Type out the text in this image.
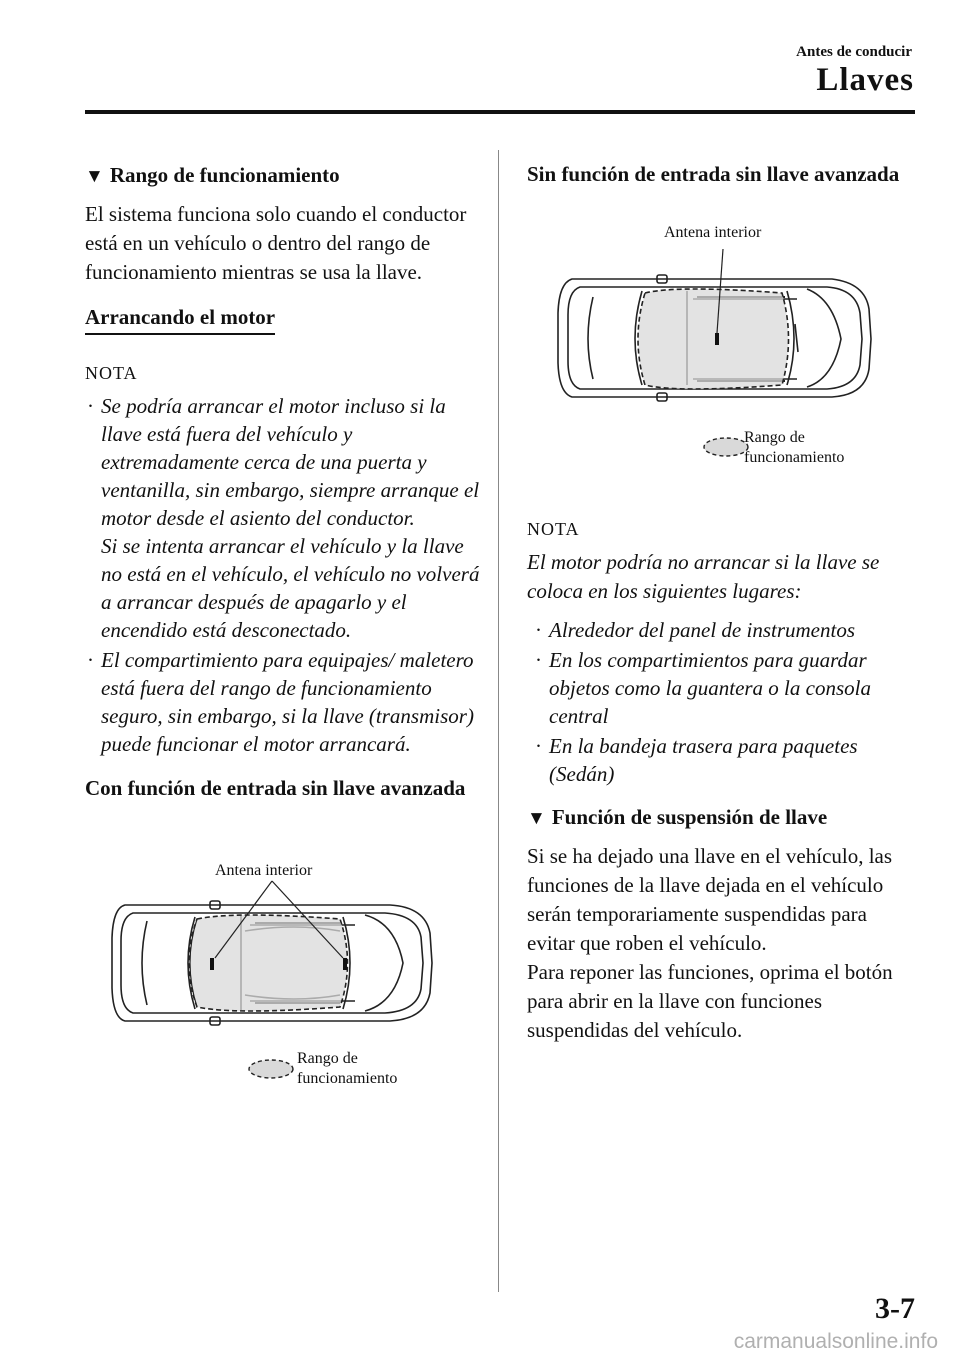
Antes de conducir
Llaves
▼ Rango de funcionamiento

El sistema funciona solo cuando el conductor está en un vehículo o dentro del rango de funcionamiento mientras se usa la llave.

Arrancando el motor
NOTA
· Se podría arrancar el motor incluso si la llave está fuera del vehículo y extremadamente cerca de una puerta y ventanilla, sin embargo, siempre arranque el motor desde el asiento del conductor.

Si se intenta arrancar el vehículo y la llave no está en el vehículo, el vehículo no volverá a arrancar después de apagarlo y el encendido está desconectado.

· El compartimiento para equipajes/ maletero está fuera del rango de funcionamiento seguro, sin embargo, si la llave (transmisor) puede funcionar el motor arrancará.

Con función de entrada sin llave avanzada
Antena interior
Rango de
funcionamiento
Sin función de entrada sin llave avanzada
Antena interior
Rango de
funcionamiento
NOTA

El motor podría no arrancar si la llave se coloca en los siguientes lugares:

· Alrededor del panel de instrumentos

· En los compartimientos para guardar objetos como la guantera o la consola central

· En la bandeja trasera para paquetes (Sedán)

▼ Función de suspensión de llave

Si se ha dejado una llave en el vehículo, las funciones de la llave dejada en el vehículo serán temporariamente suspendidas para evitar que roben el vehículo.

Para reponer las funciones, oprima el botón para abrir en la llave con funciones suspendidas del vehículo.

3-7
carmanualsonline.info
